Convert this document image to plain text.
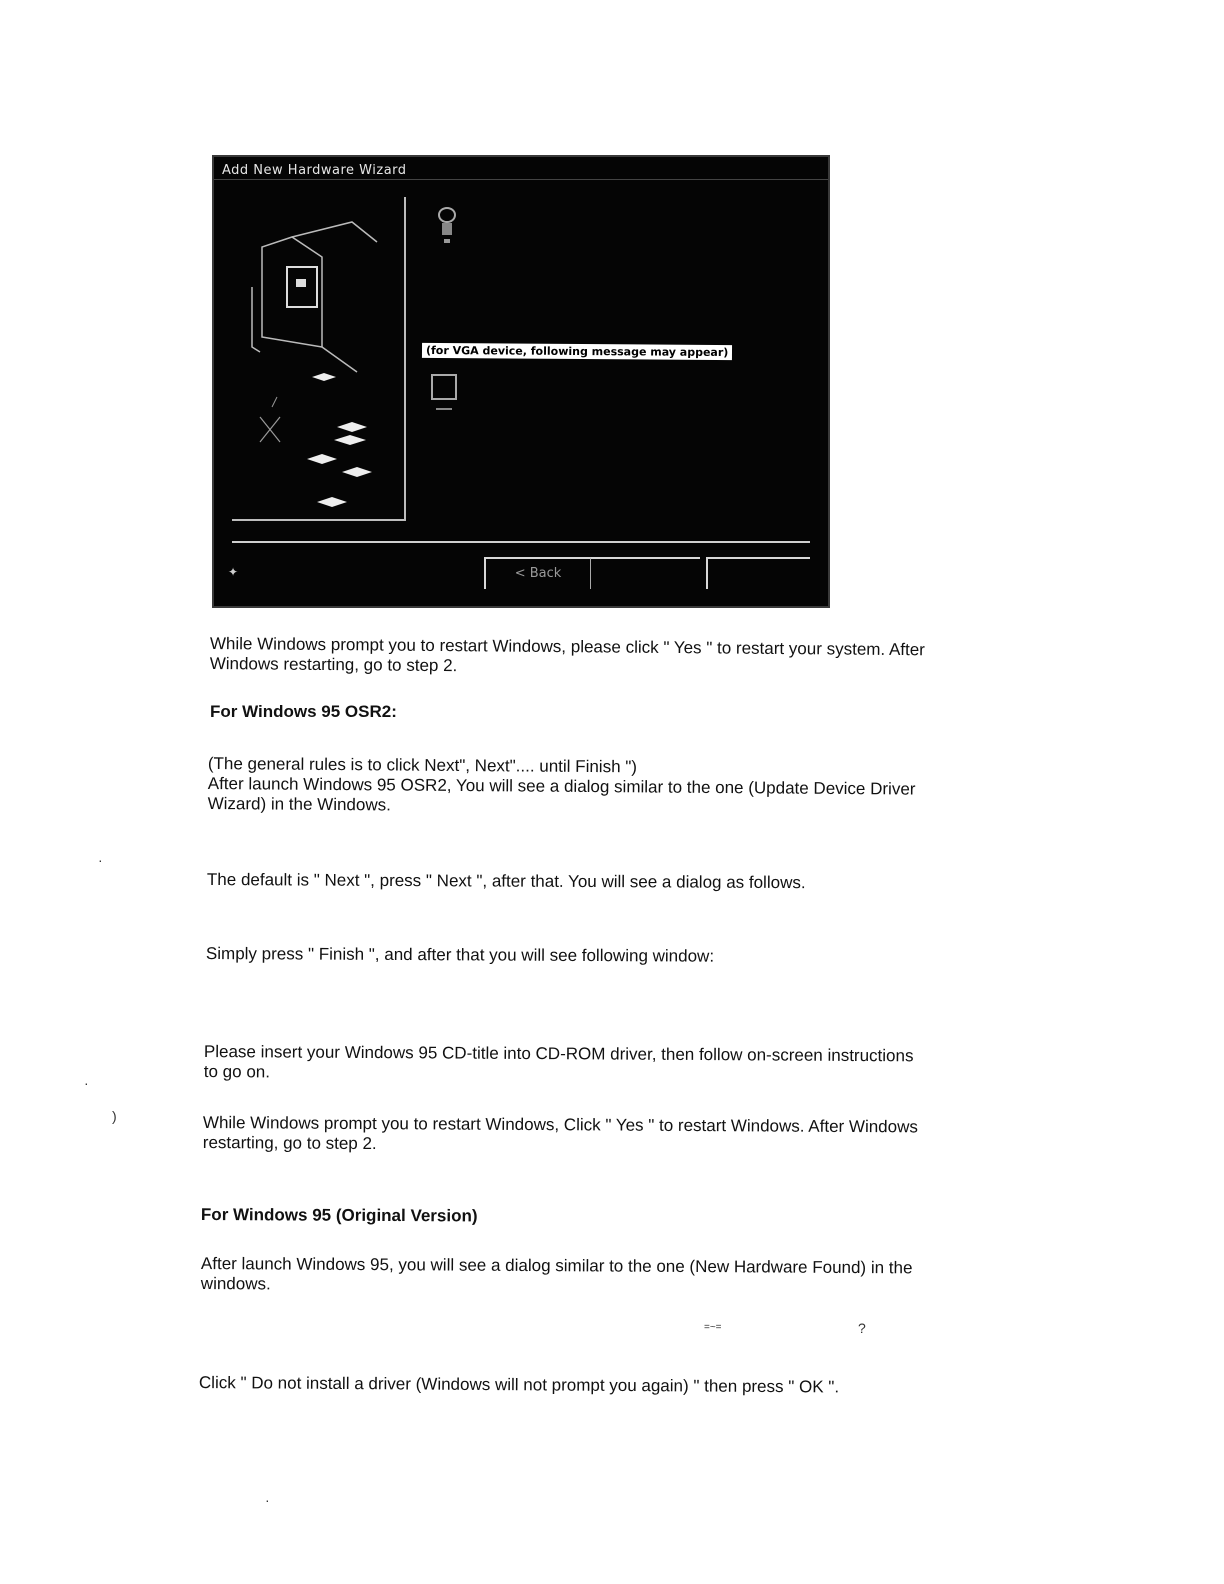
Add New Hardware Wizard
(for VGA device, following message may appear)
✦	< Back
While Windows prompt you to restart Windows, please click " Yes " to restart your system. After
Windows restarting, go to step 2.
For Windows 95 OSR2:
(The general rules is to click Next", Next".... until Finish ")
After launch Windows 95 OSR2, You will see a dialog similar to the one (Update Device Driver
Wizard) in the Windows.
The default is " Next ", press " Next ", after that. You will see a dialog as follows.
Simply press " Finish ", and after that you will see following window:
Please insert your Windows 95 CD-title into CD-ROM driver, then follow on-screen instructions
to go on.
While Windows prompt you to restart Windows, Click " Yes " to restart Windows. After Windows
restarting, go to step 2.
For Windows 95 (Original Version)
After launch Windows 95, you will see a dialog similar to the one (New Hardware Found) in the
windows.
Click " Do not install a driver (Windows will not prompt you again) " then press " OK ".
·
·
)
?
=~=
·
